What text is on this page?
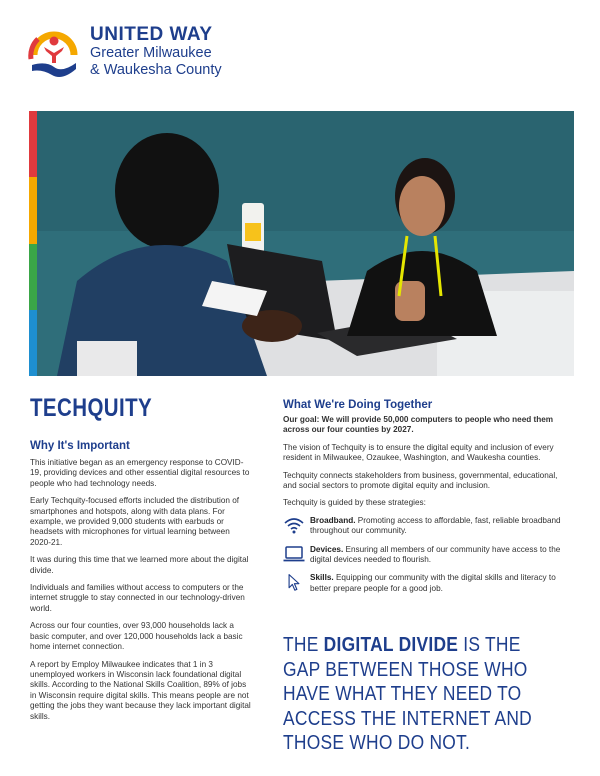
UNITED WAY
Greater Milwaukee
& Waukesha County
TECHQUITY
Why It's Important

This initiative began as an emergency response to COVID-19, providing devices and other essential digital resources to people who had technology needs.

Early Techquity-focused efforts included the distribution of smartphones and hotspots, along with data plans. For example, we provided 9,000 students with earbuds or headsets with microphones for virtual learning between 2020-21.

It was during this time that we learned more about the digital divide.

Individuals and families without access to computers or the internet struggle to stay connected in our technology-driven world.

Across our four counties, over 93,000 households lack a basic computer, and over 120,000 households lack a basic home internet connection.

A report by Employ Milwaukee indicates that 1 in 3 unemployed workers in Wisconsin lack foundational digital skills. According to the National Skills Coalition, 89% of jobs in Wisconsin require digital skills. This means people are not getting the jobs they want because they lack important digital skills.

What We're Doing Together

Our goal: We will provide 50,000 computers to people who need them across our four counties by 2027.

The vision of Techquity is to ensure the digital equity and inclusion of every resident in Milwaukee, Ozaukee, Washington, and Waukesha counties.

Techquity connects stakeholders from business, governmental, educational, and social sectors to promote digital equity and inclusion.

Techquity is guided by these strategies:

Broadband. Promoting access to affordable, fast, reliable broadband throughout our community.
Devices. Ensuring all members of our community have access to the digital devices needed to flourish.
Skills. Equipping our community with the digital skills and literacy to better prepare people for a good job.
THE DIGITAL DIVIDE IS THE GAP BETWEEN THOSE WHO HAVE WHAT THEY NEED TO ACCESS THE INTERNET AND THOSE WHO DO NOT.
